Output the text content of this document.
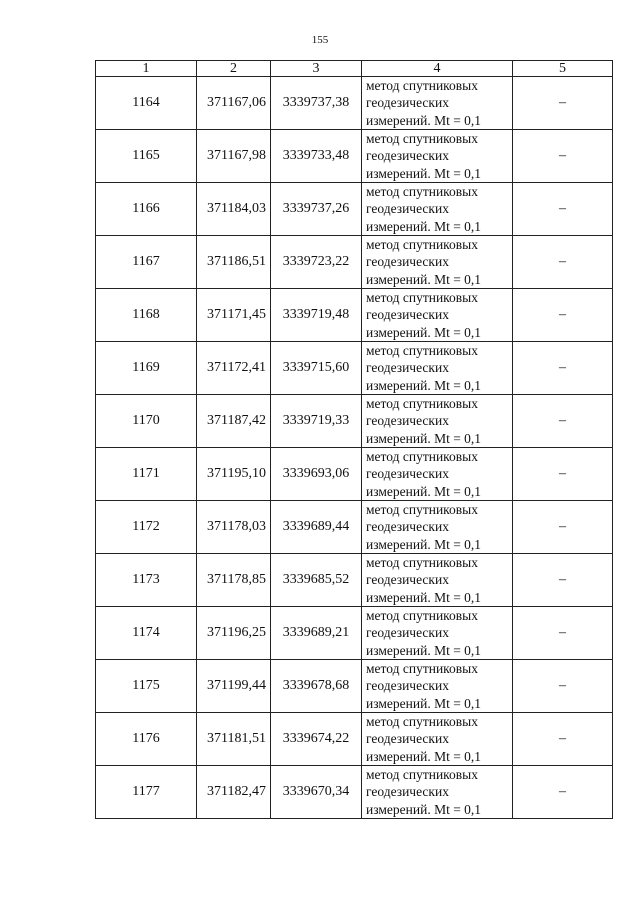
155
1	2	3	4	5
1164	371167,06	3339737,38	метод спутниковых
геодезических
измерений. Mt = 0,1	–
1165	371167,98	3339733,48	метод спутниковых
геодезических
измерений. Mt = 0,1	–
1166	371184,03	3339737,26	метод спутниковых
геодезических
измерений. Mt = 0,1	–
1167	371186,51	3339723,22	метод спутниковых
геодезических
измерений. Mt = 0,1	–
1168	371171,45	3339719,48	метод спутниковых
геодезических
измерений. Mt = 0,1	–
1169	371172,41	3339715,60	метод спутниковых
геодезических
измерений. Mt = 0,1	–
1170	371187,42	3339719,33	метод спутниковых
геодезических
измерений. Mt = 0,1	–
1171	371195,10	3339693,06	метод спутниковых
геодезических
измерений. Mt = 0,1	–
1172	371178,03	3339689,44	метод спутниковых
геодезических
измерений. Mt = 0,1	–
1173	371178,85	3339685,52	метод спутниковых
геодезических
измерений. Mt = 0,1	–
1174	371196,25	3339689,21	метод спутниковых
геодезических
измерений. Mt = 0,1	–
1175	371199,44	3339678,68	метод спутниковых
геодезических
измерений. Mt = 0,1	–
1176	371181,51	3339674,22	метод спутниковых
геодезических
измерений. Mt = 0,1	–
1177	371182,47	3339670,34	метод спутниковых
геодезических
измерений. Mt = 0,1	–
